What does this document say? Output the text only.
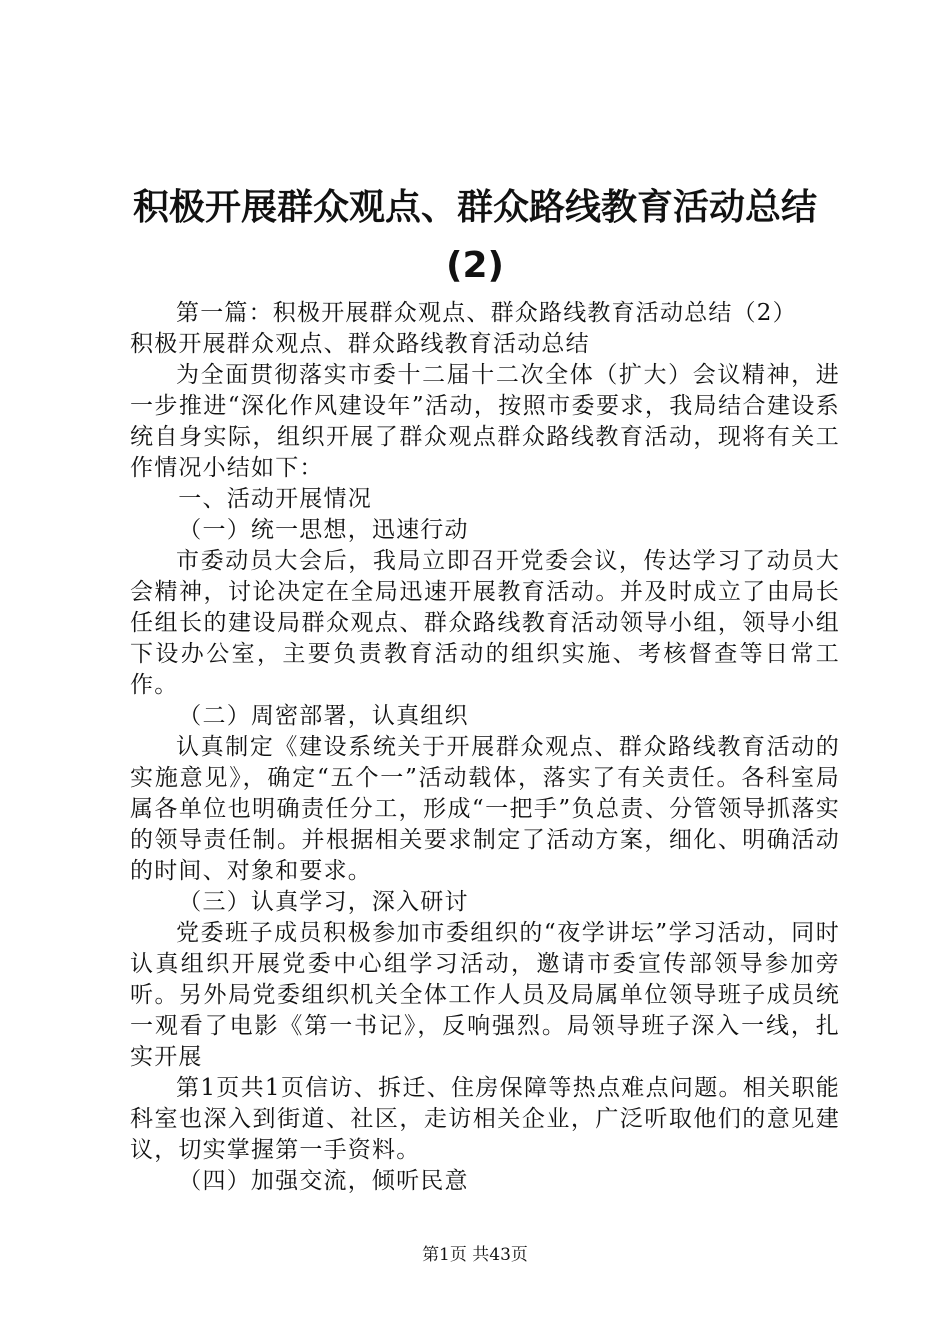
积极开展群众观点、群众路线教育活动总结
(2)

第一篇：积极开展群众观点、群众路线教育活动总结（2）

积极开展群众观点、群众路线教育活动总结

为全面贯彻落实市委十二届十二次全体（扩大）会议精神，进一步推进“深化作风建设年”活动，按照市委要求，我局结合建设系统自身实际，组织开展了群众观点群众路线教育活动，现将有关工作情况小结如下：

一、活动开展情况

（一）统一思想，迅速行动

市委动员大会后，我局立即召开党委会议，传达学习了动员大会精神，讨论决定在全局迅速开展教育活动。并及时成立了由局长任组长的建设局群众观点、群众路线教育活动领导小组，领导小组下设办公室，主要负责教育活动的组织实施、考核督查等日常工作。

（二）周密部署，认真组织

认真制定《建设系统关于开展群众观点、群众路线教育活动的实施意见》，确定“五个一”活动载体，落实了有关责任。各科室局属各单位也明确责任分工，形成“一把手”负总责、分管领导抓落实的领导责任制。并根据相关要求制定了活动方案，细化、明确活动的时间、对象和要求。

（三）认真学习，深入研讨

党委班子成员积极参加市委组织的“夜学讲坛”学习活动，同时认真组织开展党委中心组学习活动，邀请市委宣传部领导参加旁听。另外局党委组织机关全体工作人员及局属单位领导班子成员统一观看了电影《第一书记》，反响强烈。局领导班子深入一线，扎实开展

第1页共1页信访、拆迁、住房保障等热点难点问题。相关职能科室也深入到街道、社区，走访相关企业，广泛听取他们的意见建议，切实掌握第一手资料。

（四）加强交流，倾听民意

第1页 共43页
